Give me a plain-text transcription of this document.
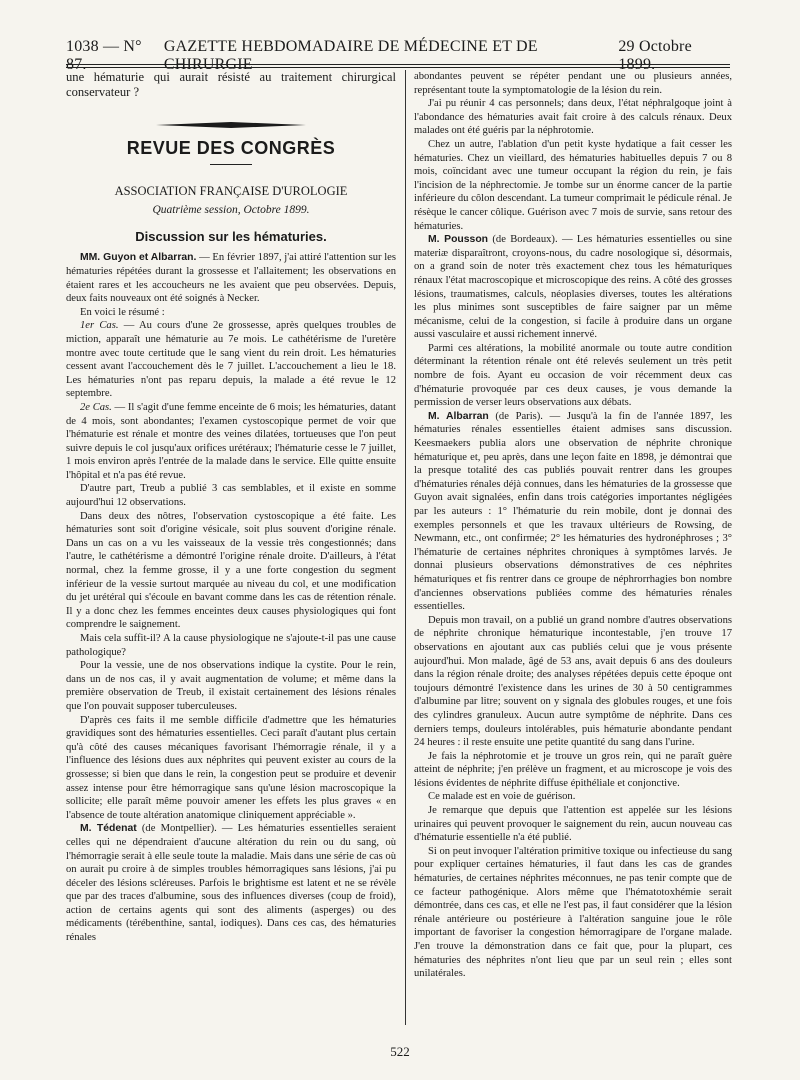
1038 — N° 87.
GAZETTE HEBDOMADAIRE DE MÉDECINE ET DE CHIRURGIE
29 Octobre 1899.

une hématurie qui aurait résisté au traitement chirurgical conservateur ?

REVUE DES CONGRÈS
ASSOCIATION FRANÇAISE D'UROLOGIE
Quatrième session, Octobre 1899.
Discussion sur les hématuries.

MM. Guyon et Albarran. — En février 1897, j'ai attiré l'attention sur les hématuries répétées durant la grossesse et l'allaitement; les observations en étaient rares et les accoucheurs ne les avaient que peu observées. Depuis, deux faits nouveaux ont été soignés à Necker.

En voici le résumé :

1er Cas. — Au cours d'une 2e grossesse, après quelques troubles de miction, apparaît une hématurie au 7e mois. Le cathétérisme de l'uretère montre avec toute certitude que le sang vient du rein droit. Les hématuries cessent avant l'accouchement dès le 7 juillet. L'accouchement a lieu le 18. Les hématuries n'ont pas reparu depuis, la malade a été revue le 12 septembre.

2e Cas. — Il s'agit d'une femme enceinte de 6 mois; les hématuries, datant de 4 mois, sont abondantes; l'examen cystoscopique permet de voir que l'hématurie est rénale et montre des veines dilatées, tortueuses que l'on peut suivre depuis le col jusqu'aux orifices urétéraux; l'hématurie cesse le 7 juillet, 1 mois environ après l'entrée de la malade dans le service. Elle quitte ensuite l'hôpital et n'a pas été revue.

D'autre part, Treub a publié 3 cas semblables, et il existe en somme aujourd'hui 12 observations.

Dans deux des nôtres, l'observation cystoscopique a été faite. Les hématuries sont soit d'origine vésicale, soit plus souvent d'origine rénale. Dans un cas on a vu les vaisseaux de la vessie très congestionnés; dans l'autre, le cathétérisme a démontré l'origine rénale droite. D'ailleurs, à l'état normal, chez la femme grosse, il y a une forte congestion du segment inférieur de la vessie surtout marquée au niveau du col, et une modification du jet urétéral qui s'écoule en bavant comme dans les cas de rétention rénale. Il y a donc chez les femmes enceintes deux causes physiologiques qui font comprendre le saignement.

Mais cela suffit-il? A la cause physiologique ne s'ajoute-t-il pas une cause pathologique?

Pour la vessie, une de nos observations indique la cystite. Pour le rein, dans un de nos cas, il y avait augmentation de volume; et même dans la première observation de Treub, il existait certainement des lésions rénales que l'on pouvait supposer tuberculeuses.

D'après ces faits il me semble difficile d'admettre que les hématuries gravidiques sont des hématuries essentielles. Ceci paraît d'autant plus certain qu'à côté des causes mécaniques favorisant l'hémorragie rénale, il y a l'influence des lésions dues aux néphrites qui peuvent exister au cours de la grossesse; si bien que dans le rein, la congestion peut se produire et devenir assez intense pour être hémorragique sans qu'une lésion macroscopique la sollicite; elle paraît même pouvoir amener les effets les plus graves « en l'absence de toute altération anatomique cliniquement appréciable ».

M. Tédenat (de Montpellier). — Les hématuries essentielles seraient celles qui ne dépendraient d'aucune altération du rein ou du sang, où l'hémorragie serait à elle seule toute la maladie. Mais dans une série de cas où on aurait pu croire à de simples troubles hémorragiques sans lésions, j'ai pu déceler des lésions scléreuses. Parfois le brightisme est latent et ne se révèle que par des traces d'albumine, sous des influences diverses (coup de froid), action de certains agents qui sont des aliments (asperges) ou des médicaments (térébenthine, santal, iodiques). Dans ces cas, des hématuries rénales

abondantes peuvent se répéter pendant une ou plusieurs années, représentant toute la symptomatologie de la lésion du rein.

J'ai pu réunir 4 cas personnels; dans deux, l'état néphralgoque joint à l'abondance des hématuries avait fait croire à des calculs rénaux. Deux malades ont été guéris par la néphrotomie.

Chez un autre, l'ablation d'un petit kyste hydatique a fait cesser les hématuries. Chez un vieillard, des hématuries habituelles depuis 7 ou 8 mois, coïncidant avec une tumeur occupant la région du rein, je fais l'incision de la néphrectomie. Je tombe sur un énorme cancer de la partie inférieure du côlon descendant. La tumeur comprimait le pédicule rénal. Je résèque le cancer côlique. Guérison avec 7 mois de survie, sans retour des hématuries.

M. Pousson (de Bordeaux). — Les hématuries essentielles ou sine materiæ disparaîtront, croyons-nous, du cadre nosologique si, désormais, on a grand soin de noter très exactement chez tous les hématuriques rénaux l'état macroscopique et microscopique des reins. A côté des grosses lésions, traumatismes, calculs, néoplasies diverses, toutes les altérations les plus minimes sont susceptibles de faire saigner par un même mécanisme, celui de la congestion, si facile à produire dans un organe aussi vasculaire et aussi richement innervé.

Parmi ces altérations, la mobilité anormale ou toute autre condition déterminant la rétention rénale ont été relevés seulement un très petit nombre de fois. Ayant eu occasion de voir récemment deux cas d'hématurie provoquée par ces deux causes, je vous demande la permission de verser leurs observations aux débats.

M. Albarran (de Paris). — Jusqu'à la fin de l'année 1897, les hématuries rénales essentielles étaient admises sans discussion. Keesmaekers publia alors une observation de néphrite chronique hématurique et, peu après, dans une leçon faite en 1898, je démontrai que la presque totalité des cas publiés pouvait rentrer dans les groupes d'hématuries rénales déjà connues, dans les hématuries de la grossesse que Guyon avait signalées, enfin dans trois catégories importantes négligées par les auteurs : 1° l'hématurie du rein mobile, dont je donnai des exemples personnels et que les travaux ultérieurs de Rowsing, de Newmann, etc., ont confirmée; 2° les hématuries des hydronéphroses ; 3° l'hématurie de certaines néphrites chroniques à symptômes larvés. Je donnai plusieurs observations démonstratives de ces néphrites hématuriques et fis rentrer dans ce groupe de néphrorrhagies bon nombre d'anciennes observations publiées comme des hématuries rénales essentielles.

Depuis mon travail, on a publié un grand nombre d'autres observations de néphrite chronique hématurique incontestable, j'en trouve 17 observations en ajoutant aux cas publiés celui que je vous présente aujourd'hui. Mon malade, âgé de 53 ans, avait depuis 6 ans des douleurs dans la région rénale droite; des analyses répétées depuis cette époque ont toujours démontré l'existence dans les urines de 30 à 50 centigrammes d'albumine par litre; souvent on y signala des globules rouges, et une fois des cylindres granuleux. Aucun autre symptôme de néphrite. Dans ces derniers temps, douleurs intolérables, puis hématurie abondante pendant 24 heures : il reste ensuite une petite quantité du sang dans l'urine.

Je fais la néphrotomie et je trouve un gros rein, qui ne paraît guère atteint de néphrite; j'en prélève un fragment, et au microscope je vois des lésions évidentes de néphrite diffuse épithéliale et conjonctive.

Ce malade est en voie de guérison.

Je remarque que depuis que l'attention est appelée sur les lésions urinaires qui peuvent provoquer le saignement du rein, aucun nouveau cas d'hématurie essentielle n'a été publié.

Si on peut invoquer l'altération primitive toxique ou infectieuse du sang pour expliquer certaines hématuries, il faut dans les cas de grandes hématuries, de certaines néphrites méconnues, ne pas tenir compte que de ce facteur pathogénique. Alors même que l'hématotoxhémie serait démontrée, dans ces cas, et elle ne l'est pas, il faut considérer que la lésion rénale antérieure ou postérieure à l'altération sanguine joue le rôle important de favoriser la congestion hémorragipare de l'organe malade. J'en trouve la démonstration dans ce fait que, pour la plupart, ces hématuries des néphrites n'ont lieu que par un seul rein ; elles sont unilatérales.

522
